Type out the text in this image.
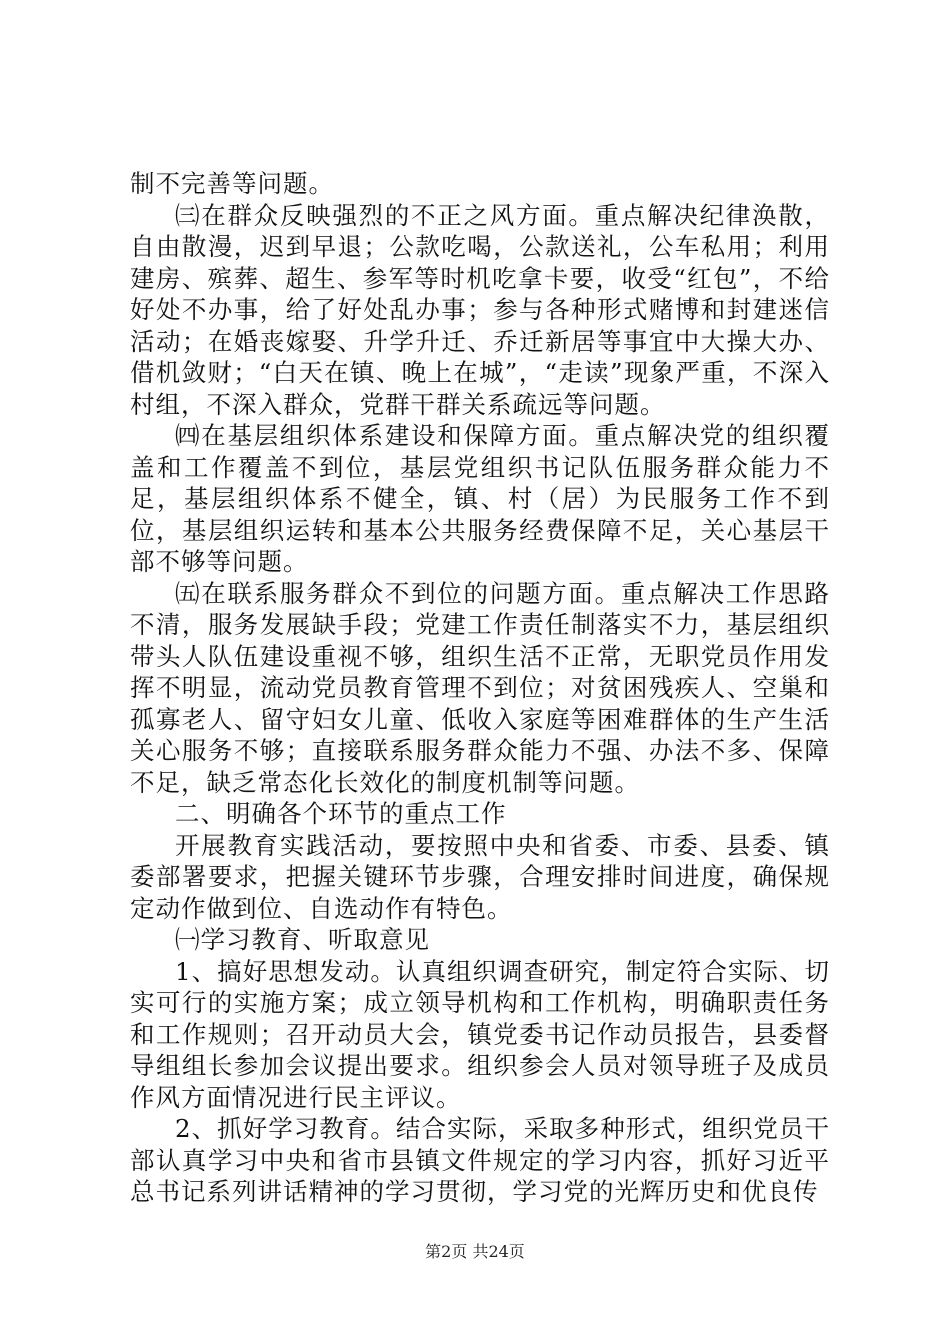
制不完善等问题。

㈢在群众反映强烈的不正之风方面。重点解决纪律涣散，自由散漫，迟到早退；公款吃喝，公款送礼，公车私用；利用建房、殡葬、超生、参军等时机吃拿卡要，收受“红包”，不给好处不办事，给了好处乱办事；参与各种形式赌博和封建迷信活动；在婚丧嫁娶、升学升迁、乔迁新居等事宜中大操大办、借机敛财；“白天在镇、晚上在城”，“走读”现象严重，不深入村组，不深入群众，党群干群关系疏远等问题。

㈣在基层组织体系建设和保障方面。重点解决党的组织覆盖和工作覆盖不到位，基层党组织书记队伍服务群众能力不足，基层组织体系不健全，镇、村（居）为民服务工作不到位，基层组织运转和基本公共服务经费保障不足，关心基层干部不够等问题。

㈤在联系服务群众不到位的问题方面。重点解决工作思路不清，服务发展缺手段；党建工作责任制落实不力，基层组织带头人队伍建设重视不够，组织生活不正常，无职党员作用发挥不明显，流动党员教育管理不到位；对贫困残疾人、空巢和孤寡老人、留守妇女儿童、低收入家庭等困难群体的生产生活关心服务不够；直接联系服务群众能力不强、办法不多、保障不足，缺乏常态化长效化的制度机制等问题。

二、明确各个环节的重点工作

开展教育实践活动，要按照中央和省委、市委、县委、镇委部署要求，把握关键环节步骤，合理安排时间进度，确保规定动作做到位、自选动作有特色。

㈠学习教育、听取意见

1、搞好思想发动。认真组织调查研究，制定符合实际、切实可行的实施方案；成立领导机构和工作机构，明确职责任务和工作规则；召开动员大会，镇党委书记作动员报告，县委督导组组长参加会议提出要求。组织参会人员对领导班子及成员作风方面情况进行民主评议。

2、抓好学习教育。结合实际，采取多种形式，组织党员干部认真学习中央和省市县镇文件规定的学习内容，抓好习近平总书记系列讲话精神的学习贯彻，学习党的光辉历史和优良传

第2页 共24页
